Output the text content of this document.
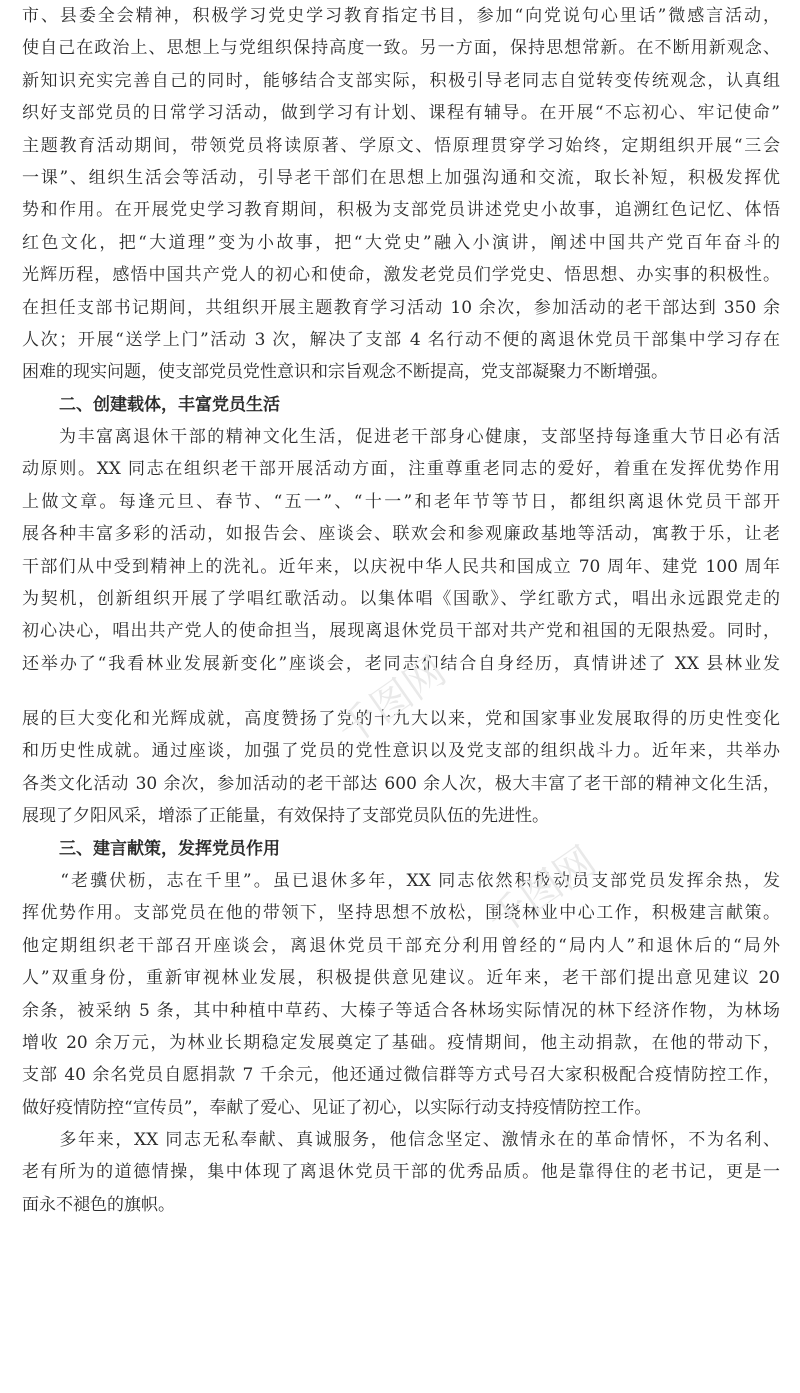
市、县委全会精神，积极学习党史学习教育指定书目，参加“向党说句心里话”微感言活动，
使自己在政治上、思想上与党组织保持高度一致。另一方面，保持思想常新。在不断用新观念、
新知识充实完善自己的同时，能够结合支部实际，积极引导老同志自觉转变传统观念，认真组
织好支部党员的日常学习活动，做到学习有计划、课程有辅导。在开展“不忘初心、牢记使命”
主题教育活动期间，带领党员将读原著、学原文、悟原理贯穿学习始终，定期组织开展“三会
一课”、组织生活会等活动，引导老干部们在思想上加强沟通和交流，取长补短，积极发挥优
势和作用。在开展党史学习教育期间，积极为支部党员讲述党史小故事，追溯红色记忆、体悟
红色文化，把“大道理”变为小故事，把“大党史”融入小演讲，阐述中国共产党百年奋斗的
光辉历程，感悟中国共产党人的初心和使命，激发老党员们学党史、悟思想、办实事的积极性。
在担任支部书记期间，共组织开展主题教育学习活动 10 余次，参加活动的老干部达到 350 余
人次；开展“送学上门”活动 3 次，解决了支部 4 名行动不便的离退休党员干部集中学习存在
困难的现实问题，使支部党员党性意识和宗旨观念不断提高，党支部凝聚力不断增强。
二、创建载体，丰富党员生活
　　为丰富离退休干部的精神文化生活，促进老干部身心健康，支部坚持每逢重大节日必有活
动原则。XX 同志在组织老干部开展活动方面，注重尊重老同志的爱好，着重在发挥优势作用
上做文章。每逢元旦、春节、“五一”、“十一”和老年节等节日，都组织离退休党员干部开
展各种丰富多彩的活动，如报告会、座谈会、联欢会和参观廉政基地等活动，寓教于乐，让老
干部们从中受到精神上的洗礼。近年来，以庆祝中华人民共和国成立 70 周年、建党 100 周年
为契机，创新组织开展了学唱红歌活动。以集体唱《国歌》、学红歌方式，唱出永远跟党走的
初心决心，唱出共产党人的使命担当，展现离退休党员干部对共产党和祖国的无限热爱。同时，
还举办了“我看林业发展新变化”座谈会，老同志们结合自身经历，真情讲述了 XX 县林业发
展的巨大变化和光辉成就，高度赞扬了党的十九大以来，党和国家事业发展取得的历史性变化
和历史性成就。通过座谈，加强了党员的党性意识以及党支部的组织战斗力。近年来，共举办
各类文化活动 30 余次，参加活动的老干部达 600 余人次，极大丰富了老干部的精神文化生活，
展现了夕阳风采，增添了正能量，有效保持了支部党员队伍的先进性。
三、建言献策，发挥党员作用
　　“老骥伏枥，志在千里”。虽已退休多年，XX 同志依然积极动员支部党员发挥余热，发
挥优势作用。支部党员在他的带领下，坚持思想不放松，围绕林业中心工作，积极建言献策。
他定期组织老干部召开座谈会，离退休党员干部充分利用曾经的“局内人”和退休后的“局外
人”双重身份，重新审视林业发展，积极提供意见建议。近年来，老干部们提出意见建议 20
余条，被采纳 5 条，其中种植中草药、大榛子等适合各林场实际情况的林下经济作物，为林场
增收 20 余万元，为林业长期稳定发展奠定了基础。疫情期间，他主动捐款，在他的带动下，
支部 40 余名党员自愿捐款 7 千余元，他还通过微信群等方式号召大家积极配合疫情防控工作，
做好疫情防控“宣传员”，奉献了爱心、见证了初心，以实际行动支持疫情防控工作。
　　多年来，XX 同志无私奉献、真诚服务，他信念坚定、激情永在的革命情怀，不为名利、
老有所为的道德情操，集中体现了离退休党员干部的优秀品质。他是靠得住的老书记，更是一
面永不褪色的旗帜。
千图网
千图网
